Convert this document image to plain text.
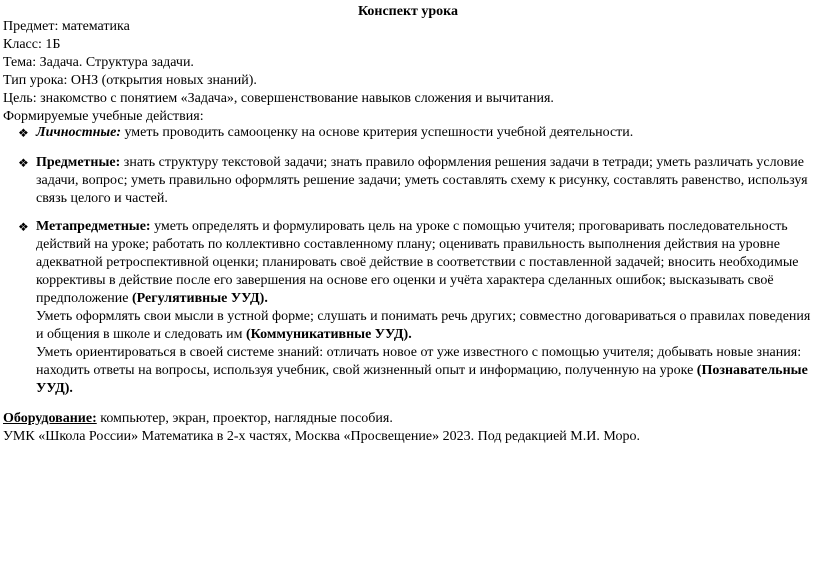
Конспект урока
Предмет: математика
Класс: 1Б
Тема: Задача. Структура задачи.
Тип урока: ОНЗ (открытия новых знаний).
Цель: знакомство с понятием «Задача», совершенствование навыков сложения и вычитания.
Формируемые учебные действия:
❖ Личностные: уметь проводить самооценку на основе критерия успешности учебной деятельности.
❖ Предметные: знать структуру текстовой задачи; знать правило оформления решения задачи в тетради; уметь различать условие
задачи, вопрос; уметь правильно оформлять решение задачи; уметь составлять схему к рисунку, составлять равенство, используя
связь целого и частей.
❖ Метапредметные: уметь определять и формулировать цель на уроке с помощью учителя; проговаривать последовательность
действий на уроке; работать по коллективно составленному плану; оценивать правильность выполнения действия на уровне
адекватной ретроспективной оценки; планировать своё действие в соответствии с поставленной задачей; вносить необходимые
коррективы в действие после его завершения на основе его оценки и учёта характера сделанных ошибок; высказывать своё
предположение (Регулятивные УУД).
Уметь оформлять свои мысли в устной форме; слушать и понимать речь других; совместно договариваться о правилах поведения
и общения в школе и следовать им (Коммуникативные УУД).
Уметь ориентироваться в своей системе знаний: отличать новое от уже известного с помощью учителя; добывать новые знания:
находить ответы на вопросы, используя учебник, свой жизненный опыт и информацию, полученную на уроке (Познавательные
УУД).
Оборудование: компьютер, экран, проектор, наглядные пособия.
УМК «Школа России» Математика в 2-х частях, Москва «Просвещение» 2023. Под редакцией М.И. Моро.
